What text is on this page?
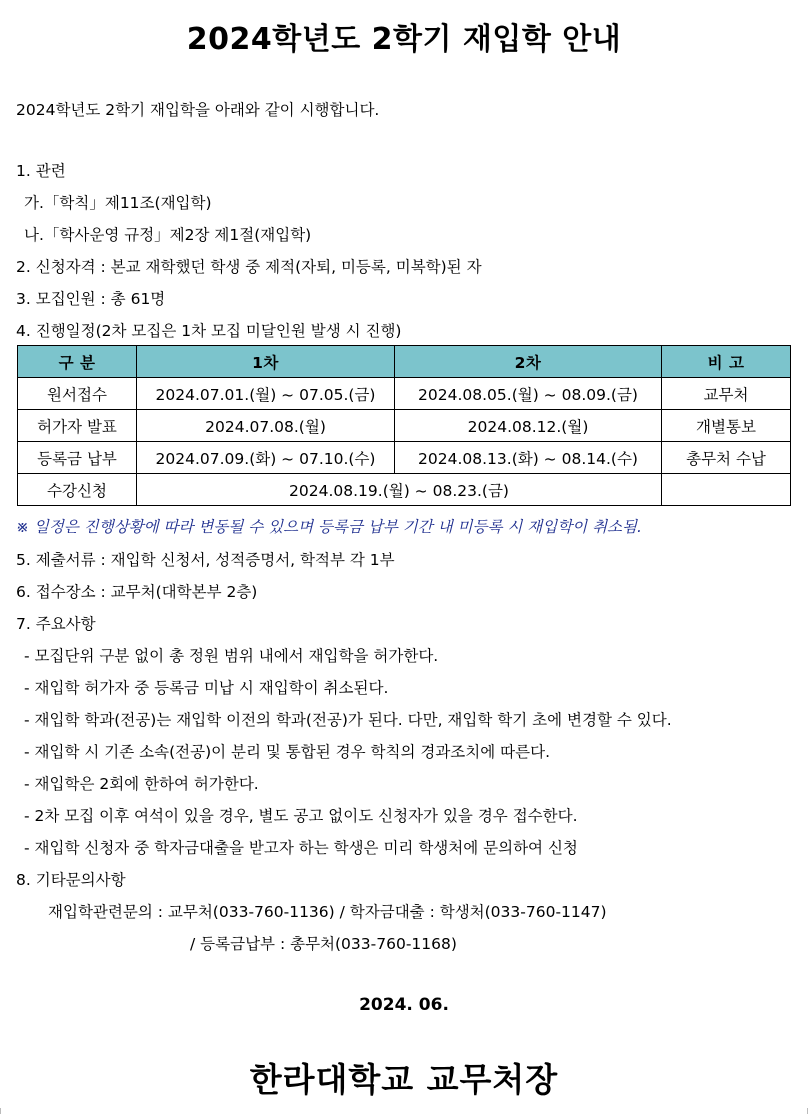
2024학년도 2학기 재입학 안내
2024학년도 2학기 재입학을 아래와 같이 시행합니다.
1. 관련
가.「학칙」제11조(재입학)
나.「학사운영 규정」제2장 제1절(재입학)
2. 신청자격 : 본교 재학했던 학생 중 제적(자퇴, 미등록, 미복학)된 자
3. 모집인원 : 총 61명
4. 진행일정(2차 모집은 1차 모집 미달인원 발생 시 진행)
구 분	1차	2차	비 고
원서접수	2024.07.01.(월) ~ 07.05.(금)	2024.08.05.(월) ~ 08.09.(금)	교무처
허가자 발표	2024.07.08.(월)	2024.08.12.(월)	개별통보
등록금 납부	2024.07.09.(화) ~ 07.10.(수)	2024.08.13.(화) ~ 08.14.(수)	총무처 수납
수강신청	2024.08.19.(월) ~ 08.23.(금)		
※ 일정은 진행상황에 따라 변동될 수 있으며 등록금 납부 기간 내 미등록 시 재입학이 취소됨.
5. 제출서류 : 재입학 신청서, 성적증명서, 학적부 각 1부
6. 접수장소 : 교무처(대학본부 2층)
7. 주요사항
- 모집단위 구분 없이 총 정원 범위 내에서 재입학을 허가한다.
- 재입학 허가자 중 등록금 미납 시 재입학이 취소된다.
- 재입학 학과(전공)는 재입학 이전의 학과(전공)가 된다. 다만, 재입학 학기 초에 변경할 수 있다.
- 재입학 시 기존 소속(전공)이 분리 및 통합된 경우 학칙의 경과조치에 따른다.
- 재입학은 2회에 한하여 허가한다.
- 2차 모집 이후 여석이 있을 경우, 별도 공고 없이도 신청자가 있을 경우 접수한다.
- 재입학 신청자 중 학자금대출을 받고자 하는 학생은 미리 학생처에 문의하여 신청
8. 기타문의사항
재입학관련문의 : 교무처(033-760-1136) / 학자금대출 : 학생처(033-760-1147)
/ 등록금납부 : 총무처(033-760-1168)
2024. 06.
한라대학교 교무처장
